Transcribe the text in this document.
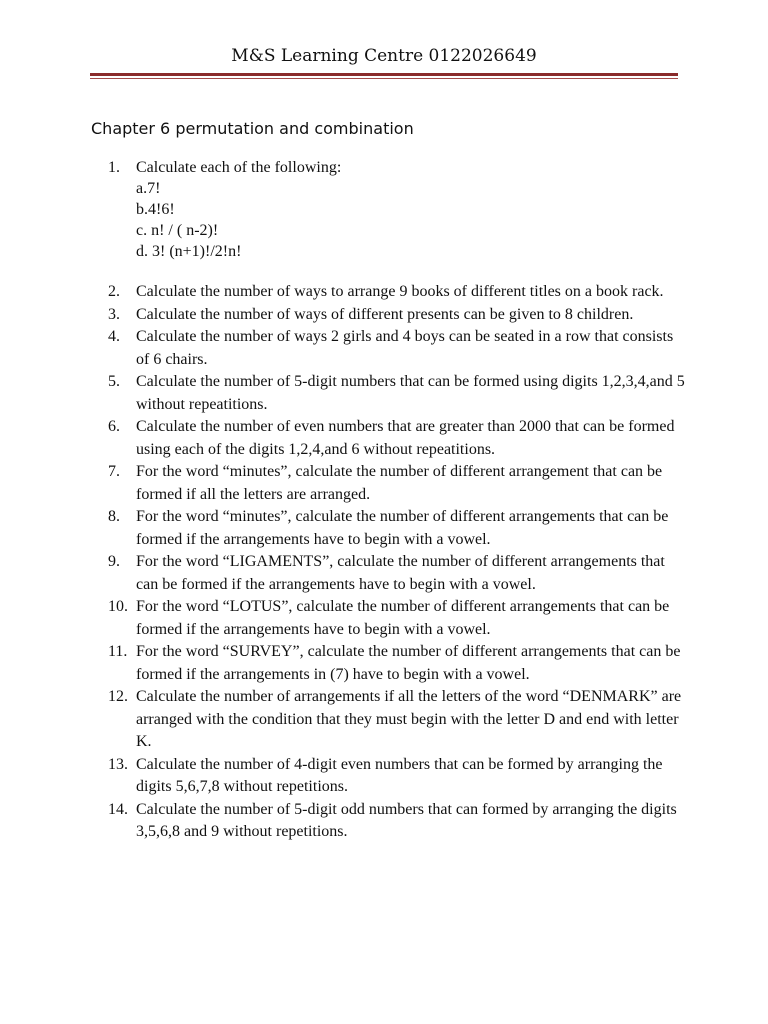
M&S Learning Centre 0122026649
Chapter 6 permutation and combination
1.	Calculate each of the following:
a.7!
b.4!6!
c. n! / ( n-2)!
d. 3! (n+1)!/2!n!
2. Calculate the number of ways to arrange 9 books of different titles on a book rack.
3. Calculate the number of ways of different presents can be given to 8 children.
4. Calculate the number of ways 2 girls and 4 boys can be seated in a row that consists of 6 chairs.
5. Calculate the number of 5-digit numbers that can be formed using digits 1,2,3,4,and 5 without repeatitions.
6. Calculate the number of even numbers that are greater than 2000 that can be formed using each of the digits 1,2,4,and 6 without repeatitions.
7. For the word “minutes”, calculate the number of different arrangement that can be formed if all the letters are arranged.
8. For the word “minutes”, calculate the number of different arrangements that can be formed if the arrangements have to begin with a vowel.
9. For the word “LIGAMENTS”, calculate the number of different arrangements that can be formed if the arrangements have to begin with a vowel.
10. For the word “LOTUS”, calculate the number of different arrangements that can be formed if the arrangements have to begin with a vowel.
11. For the word “SURVEY”, calculate the number of different arrangements that can be formed if the arrangements in (7) have to begin with a vowel.
12. Calculate the number of arrangements if all the letters of the word “DENMARK” are arranged with the condition that they must begin with the letter D and end with letter K.
13. Calculate the number of 4-digit even numbers that can be formed by arranging the digits 5,6,7,8 without repetitions.
14. Calculate the number of 5-digit odd numbers that can formed by arranging the digits 3,5,6,8 and 9 without repetitions.
